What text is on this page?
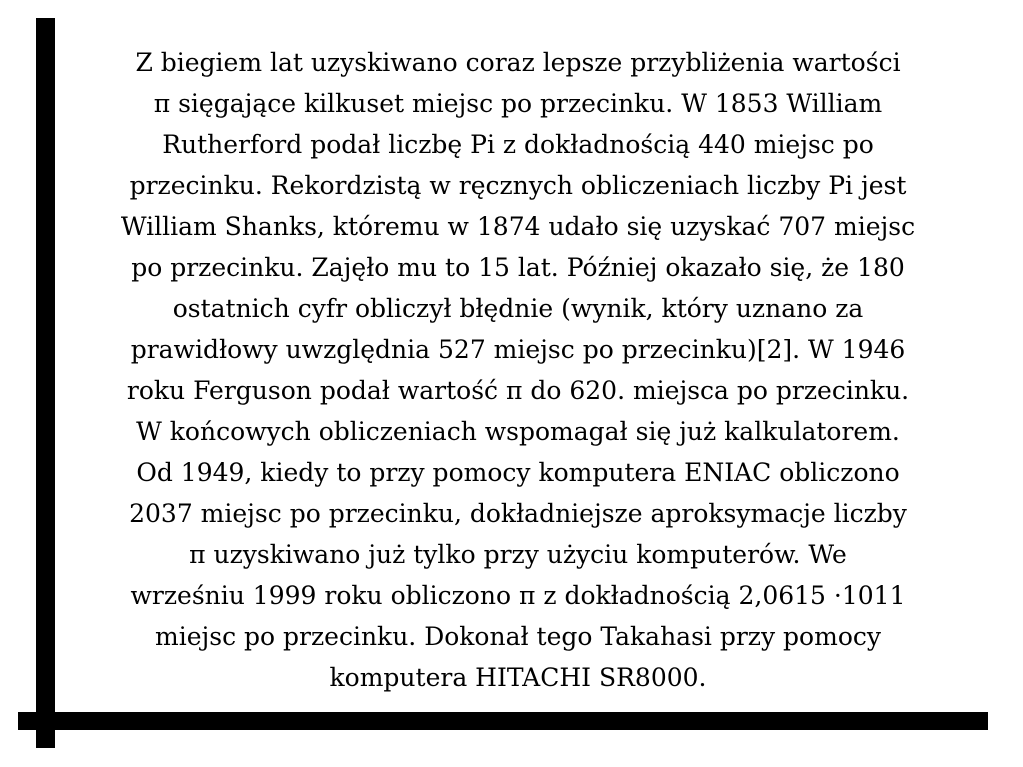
Z biegiem lat uzyskiwano coraz lepsze przybliżenia wartości
π sięgające kilkuset miejsc po przecinku. W 1853 William
Rutherford podał liczbę Pi z dokładnością 440 miejsc po
przecinku. Rekordzistą w ręcznych obliczeniach liczby Pi jest
William Shanks, któremu w 1874 udało się uzyskać 707 miejsc
po przecinku. Zajęło mu to 15 lat. Później okazało się, że 180
ostatnich cyfr obliczył błędnie (wynik, który uznano za
prawidłowy uwzględnia 527 miejsc po przecinku)[2]. W 1946
roku Ferguson podał wartość π do 620. miejsca po przecinku.
W końcowych obliczeniach wspomagał się już kalkulatorem.
Od 1949, kiedy to przy pomocy komputera ENIAC obliczono
2037 miejsc po przecinku, dokładniejsze aproksymacje liczby
π uzyskiwano już tylko przy użyciu komputerów. We
wrześniu 1999 roku obliczono π z dokładnością 2,0615 ·1011
miejsc po przecinku. Dokonał tego Takahasi przy pomocy
komputera HITACHI SR8000.
